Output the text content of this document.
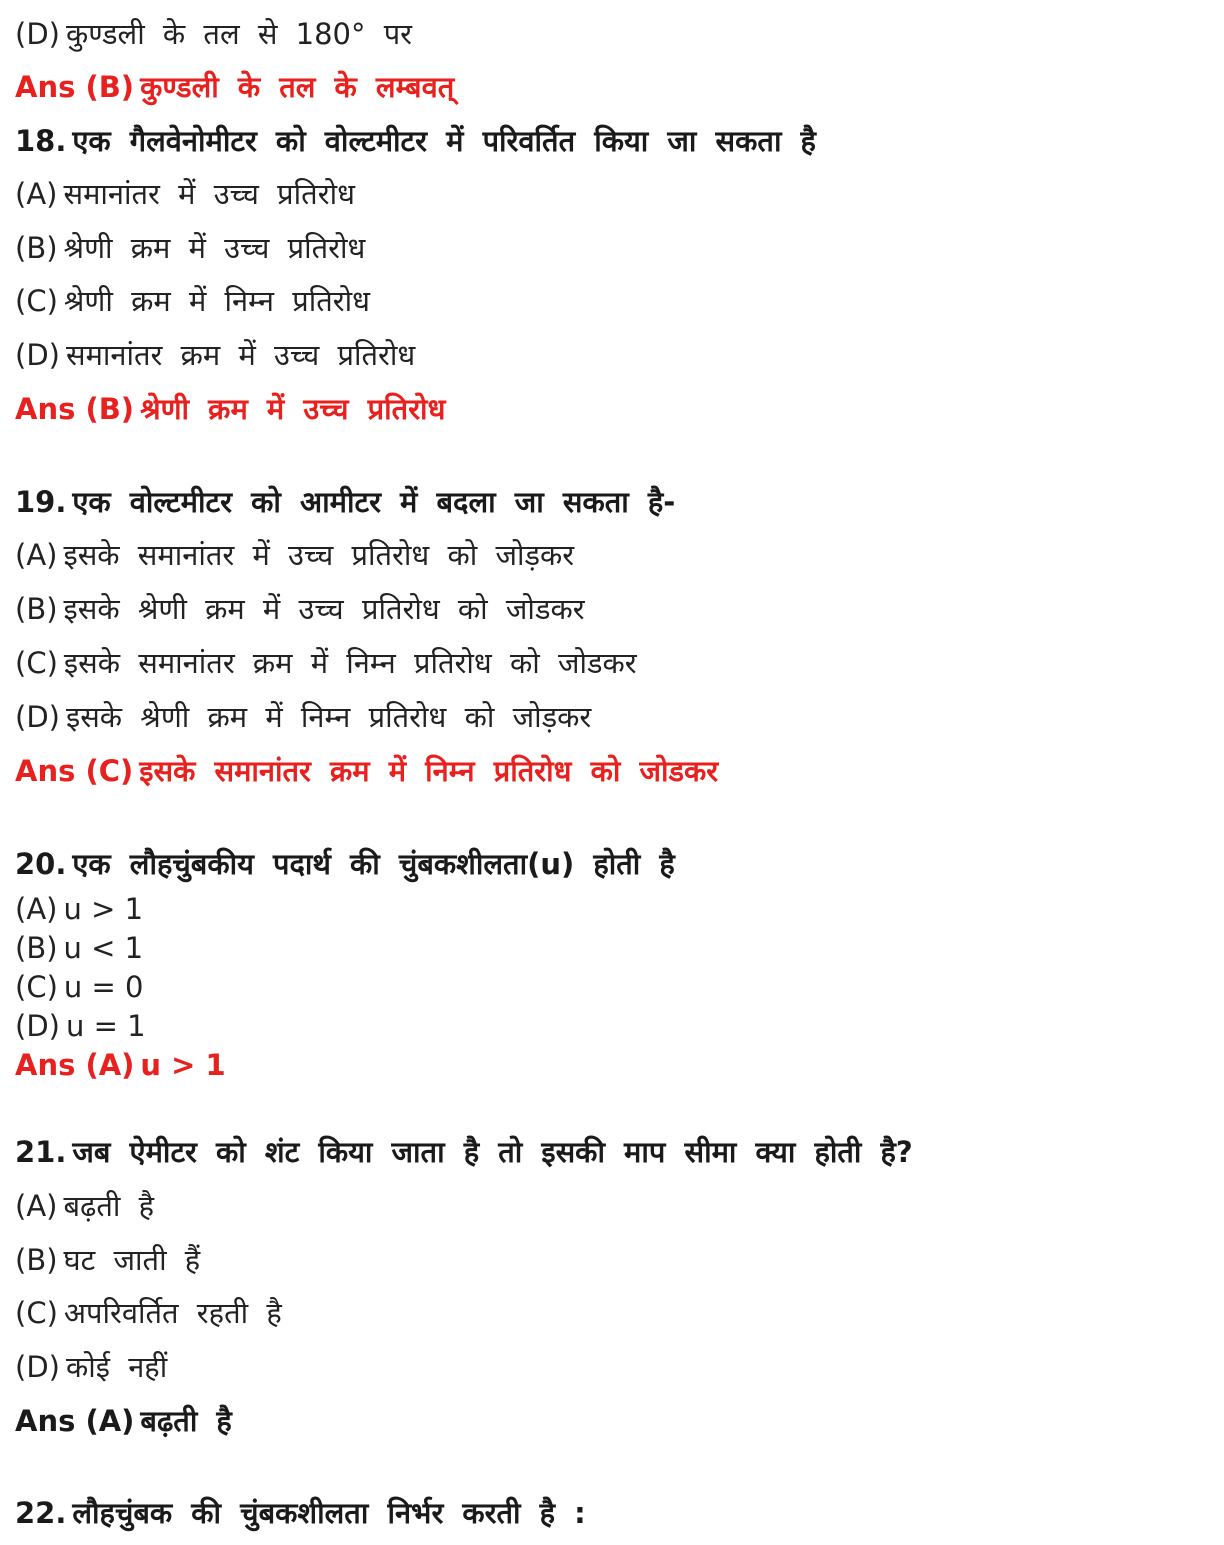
(D) कुण्डली के तल से 180° पर
Ans (B) कुण्डली के तल के लम्बवत्
18. एक गैलवेनोमीटर को वोल्टमीटर में परिवर्तित किया जा सकता है
(A) समानांतर में उच्च प्रतिरोध
(B) श्रेणी क्रम में उच्च प्रतिरोध
(C) श्रेणी क्रम में निम्न प्रतिरोध
(D) समानांतर क्रम में उच्च प्रतिरोध
Ans (B) श्रेणी क्रम में उच्च प्रतिरोध
19. एक वोल्टमीटर को आमीटर में बदला जा सकता है-
(A) इसके समानांतर में उच्च प्रतिरोध को जोड़कर
(B) इसके श्रेणी क्रम में उच्च प्रतिरोध को जोडकर
(C) इसके समानांतर क्रम में निम्न प्रतिरोध को जोडकर
(D) इसके श्रेणी क्रम में निम्न प्रतिरोध को जोड़कर
Ans (C) इसके समानांतर क्रम में निम्न प्रतिरोध को जोडकर
20. एक लौहचुंबकीय पदार्थ की चुंबकशीलता(u) होती है
(A) u > 1
(B) u < 1
(C) u = 0
(D) u = 1
Ans (A) u > 1
21. जब ऐमीटर को शंट किया जाता है तो इसकी माप सीमा क्या होती है?
(A) बढ़ती है
(B) घट जाती हैं
(C) अपरिवर्तित रहती है
(D) कोई नहीं
Ans (A) बढ़ती है
22. लौहचुंबक की चुंबकशीलता निर्भर करती है :
